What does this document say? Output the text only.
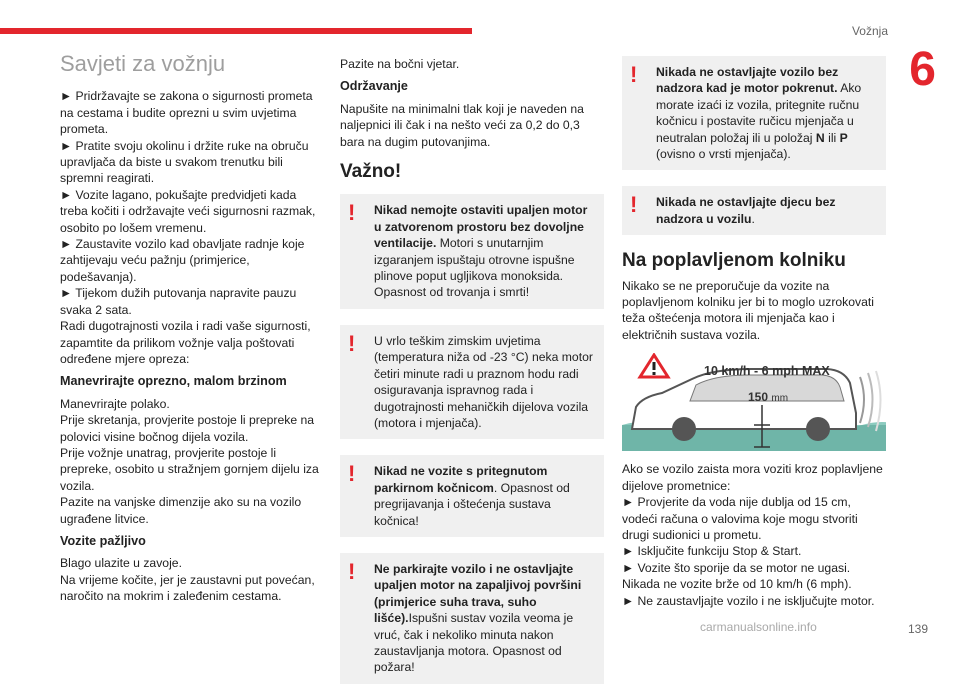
Vožnja
6
139
carmanualsonline.info
Savjeti za vožnju
► Pridržavajte se zakona o sigurnosti prometa na cestama i budite oprezni u svim uvjetima prometa.
► Pratite svoju okolinu i držite ruke na obruču upravljača da biste u svakom trenutku bili spremni reagirati.
► Vozite lagano, pokušajte predvidjeti kada treba kočiti i održavajte veći sigurnosni razmak, osobito po lošem vremenu.
► Zaustavite vozilo kad obavljate radnje koje zahtijevaju veću pažnju (primjerice, podešavanja).
► Tijekom dužih putovanja napravite pauzu svaka 2 sata.
Radi dugotrajnosti vozila i radi vaše sigurnosti, zapamtite da prilikom vožnje valja poštovati određene mjere opreza:
Manevrirajte oprezno, malom brzinom
Manevrirajte polako.
Prije skretanja, provjerite postoje li prepreke na polovici visine bočnog dijela vozila.
Prije vožnje unatrag, provjerite postoje li prepreke, osobito u stražnjem gornjem dijelu iza vozila.
Pazite na vanjske dimenzije ako su na vozilo ugrađene litvice.
Vozite pažljivo
Blago ulazite u zavoje.
Na vrijeme kočite, jer je zaustavni put povećan, naročito na mokrim i zaleđenim cestama.

Pazite na bočni vjetar.

Održavanje

Napušite na minimalni tlak koji je naveden na naljepnici ili čak i na nešto veći za 0,2 do 0,3 bara na dugim putovanjima.

Važno!
! Nikad nemojte ostaviti upaljen motor u zatvorenom prostoru bez dovoljne ventilacije. Motori s unutarnjim izgaranjem ispuštaju otrovne ispušne plinove poput ugljikova monoksida. Opasnost od trovanja i smrti!
! U vrlo teškim zimskim uvjetima (temperatura niža od -23 °C) neka motor četiri minute radi u praznom hodu radi osiguravanja ispravnog rada i dugotrajnosti mehaničkih dijelova vozila (motora i mjenjača).
! Nikad ne vozite s pritegnutom parkirnom kočnicom. Opasnost od pregrijavanja i oštećenja sustava kočnica!
! Ne parkirajte vozilo i ne ostavljajte upaljen motor na zapaljivoj površini (primjerice suha trava, suho lišće).Ispušni sustav vozila veoma je vruć, čak i nekoliko minuta nakon zaustavljanja motora. Opasnost od požara!
! Nikada ne ostavljajte vozilo bez nadzora kad je motor pokrenut. Ako morate izaći iz vozila, pritegnite ručnu kočnicu i postavite ručicu mjenjača u neutralan položaj ili u položaj N ili P (ovisno o vrsti mjenjača).
! Nikada ne ostavljajte djecu bez nadzora u vozilu.
Na poplavljenom kolniku

Nikako se ne preporučuje da vozite na poplavljenom kolniku jer bi to moglo uzrokovati teža oštećenja motora ili mjenjača kao i električnih sustava vozila.

10 km/h - 6 mph MAX
150 mm
Ako se vozilo zaista mora voziti kroz poplavljene dijelove prometnice:
► Provjerite da voda nije dublja od 15 cm, vodeći računa o valovima koje mogu stvoriti drugi sudionici u prometu.
► Isključite funkciju Stop & Start.
► Vozite što sporije da se motor ne ugasi. Nikada ne vozite brže od 10 km/h (6 mph).
► Ne zaustavljajte vozilo i ne isključujte motor.
